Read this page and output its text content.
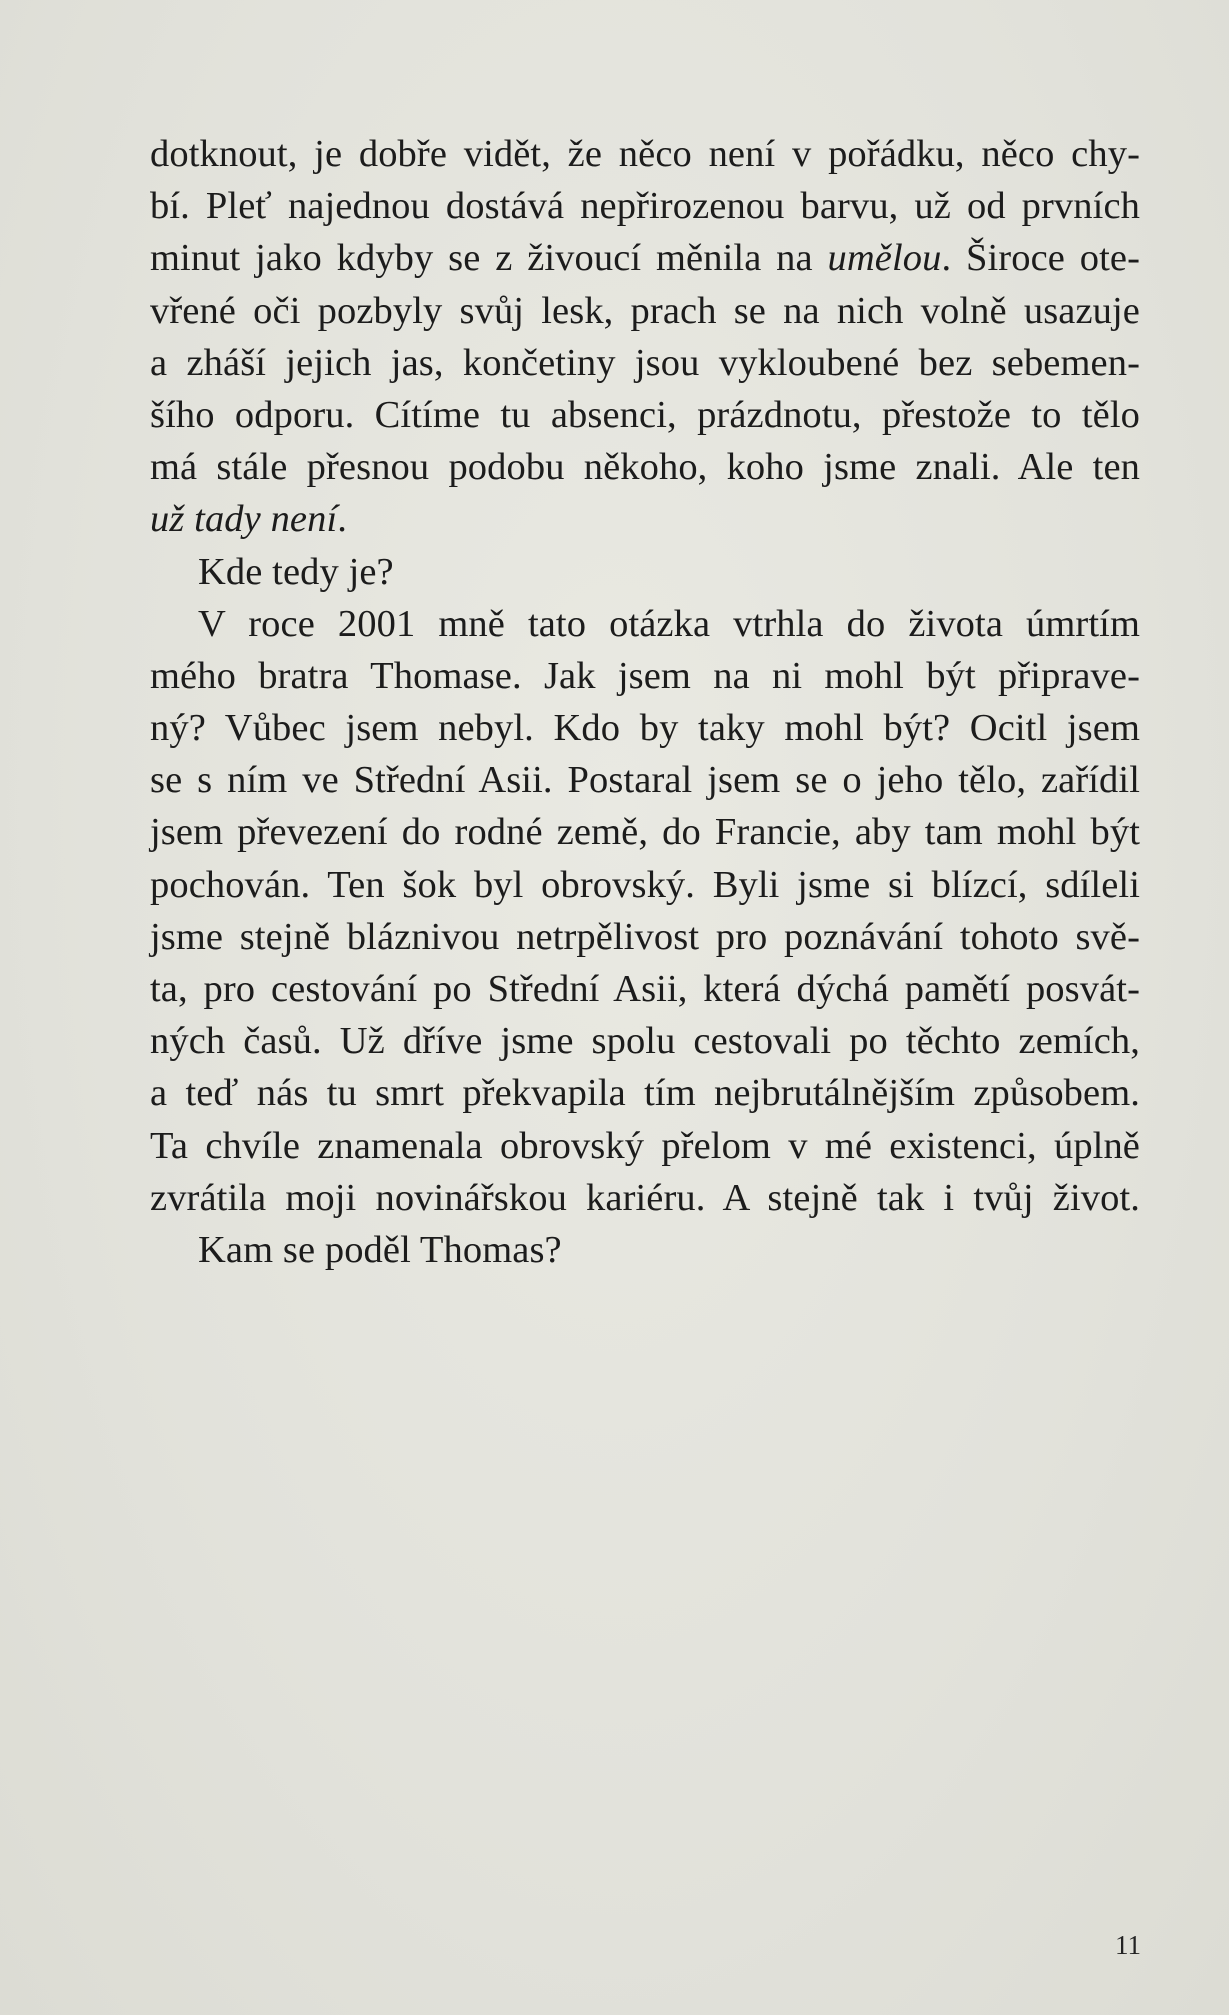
dotknout, je dobře vidět, že něco není v pořádku, něco chy-
bí. Pleť najednou dostává nepřirozenou barvu, už od prvních
minut jako kdyby se z živoucí měnila na umělou. Široce ote-
vřené oči pozbyly svůj lesk, prach se na nich volně usazuje
a zháší jejich jas, končetiny jsou vykloubené bez sebemen-
šího odporu. Cítíme tu absenci, prázdnotu, přestože to tělo
má stále přesnou podobu někoho, koho jsme znali. Ale ten
už tady není.
Kde tedy je?
V roce 2001 mně tato otázka vtrhla do života úmrtím
mého bratra Thomase. Jak jsem na ni mohl být připrave-
ný? Vůbec jsem nebyl. Kdo by taky mohl být? Ocitl jsem
se s ním ve Střední Asii. Postaral jsem se o jeho tělo, zařídil
jsem převezení do rodné země, do Francie, aby tam mohl být
pochován. Ten šok byl obrovský. Byli jsme si blízcí, sdíleli
jsme stejně bláznivou netrpělivost pro poznávání tohoto svě-
ta, pro cestování po Střední Asii, která dýchá pamětí posvát-
ných časů. Už dříve jsme spolu cestovali po těchto zemích,
a teď nás tu smrt překvapila tím nejbrutálnějším způsobem.
Ta chvíle znamenala obrovský přelom v mé existenci, úplně
zvrátila moji novinářskou kariéru. A stejně tak i tvůj život.
Kam se poděl Thomas?
11
